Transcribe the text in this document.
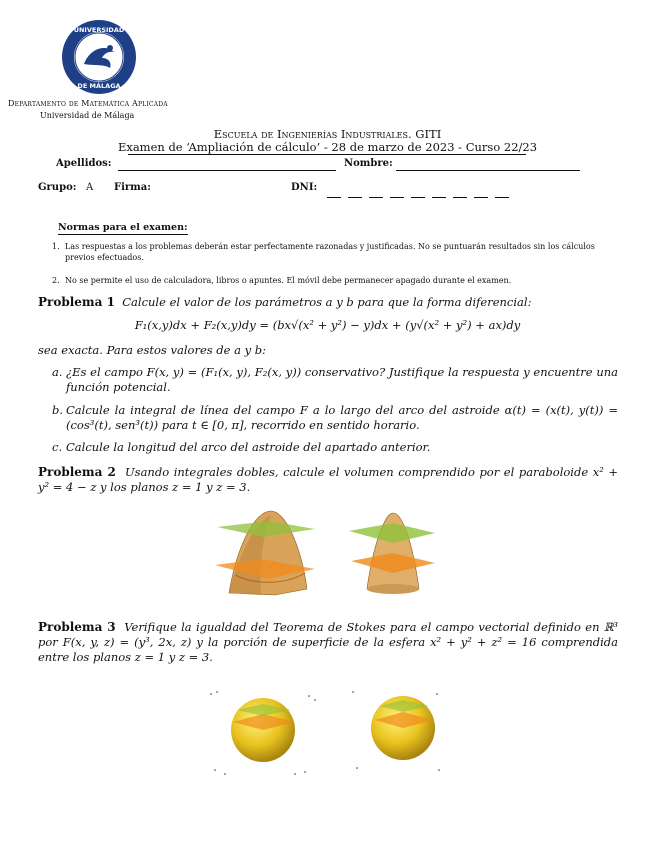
UNIVERSIDAD
DE MÁLAGA
Departamento de Matemática Aplicada
Universidad de Málaga
Escuela de Ingenierías Industriales. GITI
Examen de ‘Ampliación de cálculo’ - 28 de marzo de 2023 - Curso 22/23
Apellidos:	Nombre:
Grupo: A Firma:	DNI:
Normas para el examen:
1. Las respuestas a los problemas deberán estar perfectamente razonadas y justificadas. No se puntuarán resultados sin los cálculos previos efectuados.
2. No se permite el uso de calculadora, libros o apuntes. El móvil debe permanecer apagado durante el examen.
Problema 1 Calcule el valor de los parámetros a y b para que la forma diferencial:
F₁(x,y)dx + F₂(x,y)dy = (bx√(x² + y²) − y)dx + (y√(x² + y²) + ax)dy
sea exacta. Para estos valores de a y b:
a. ¿Es el campo F(x, y) = (F₁(x, y), F₂(x, y)) conservativo? Justifique la respuesta y encuentre una función potencial.
b. Calcule la integral de línea del campo F a lo largo del arco del astroide α(t) = (x(t), y(t)) = (cos³(t), sen³(t)) para t ∈ [0, π], recorrido en sentido horario.
c. Calcule la longitud del arco del astroide del apartado anterior.
Problema 2 Usando integrales dobles, calcule el volumen comprendido por el paraboloide x² + y² = 4 − z y los planos z = 1 y z = 3.
Problema 3 Verifique la igualdad del Teorema de Stokes para el campo vectorial definido en ℝ³ por F(x, y, z) = (y³, 2x, z) y la porción de superficie de la esfera x² + y² + z² = 16 comprendida entre los planos z = 1 y z = 3.
